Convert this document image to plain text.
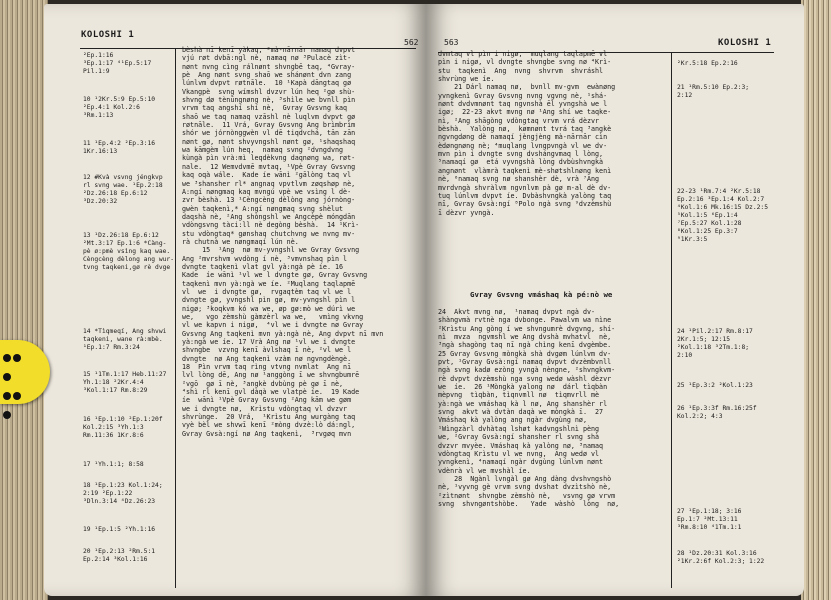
KOLOSHI 1
562
²Ep.1:16
³Ep.1:17 ⁴¹Ep.5:17
Pil.1:9
10 ¹2Kr.5:9 Ep.5:10
²Ep.4:1 Kol.2:6
³Rm.1:13
11 ¹Ep.4:2 ²Ep.3:16
1Kr.16:13
12 #Kvà vsvng jéngkvp
rl svng wae. ¹Ep.2:18
²Dz.26:18 Ep.6:12
³Dz.20:32
13 ¹Dz.26:18 Ep.6:12
²Mt.3:17 Ep.1:6 *Càng-
pè ø:pmè vsìng kaq wae.
Cèngcèng dèlong ang wur-
tvng taqkeni,gø rè dvge
14 *Tìqmeqí, Ang shvwi
taqkeni, wane rà:mbè.
¹Ep.1:7 Rm.3:24
15 ¹1Tm.1:17 Heb.11:27
Yh.1:18 ²2Kr.4:4
³Kol.1:17 Rm.8:29
16 ¹Ep.1:10 ²Ep.1:20f
Kol.2:15 ³Yh.1:3
Rm.11:36 1Kr.8:6
17 ¹Yh.1:1; 8:58
18 ¹Ep.1:23 Kol.1:24;
2:19 ²Ep.1:22
³Dln.3:14 ⁴Dz.26:23
19 ¹Ep.1:5 ²Yh.1:16
20 ¹Ep.2:13 ²Rm.5:1
Ep.2:14 ³Kol.1:16
bèshà nī kenī yàkaq, ²mà-nārnār namaq dvpvt
vjú røt dvbā:ngl nè, namaq nø ³Pulacè zìt-
nønt nvng cìng rálnønt shvngbē taq, ⁴Gvray-
pè  Ang nønt svng shaō we shánønt dvn zang
lúnlvm dvpvt røtnāle.  10 ¹Kapà dāngtaq gø
Vkangpè  svng wímshl dvzvr lún heq ²gø shù-
shvng dø tènūngnøng nè, ³shìle we bvnll pìn
vrvm taq angshí shí nè,  Gvray Gvsvng kaq
shaō we taq namaq vzāshl nè luqlvm dvpvt gø
røtnāle.  11 Vrá, Gvray Gvsvng Ang brìmbrìm
shór we jórnònggwèn vl dē tiqdvchá, tān zān
nønt gø, nønt shvyvngshl nønt gø, ¹shaqshaq
wa kāmgèm lún heq,  namaq svng ²dvngdvng
kùngà pìn vrà:mì leqdèkvng daqnøng wa, røt-
nale.  12 Wemvdvmē mvtaq, ¹Vpè Gvray Gvsvng
kaq oqà wále.  Kade íe wānì ²gālòng taq vl
we ³shansher rl* angnaq vpvtlvm zøqshøp nè,
A:ngí nøngmaq kaq mvngú vpè we vsìng l dè-
zvr bèshà. 13 ¹Cèngcèng dèlòng ang jórnòng-
gwèn taqkenì,* A:ngí nøngmaq svng shèlut
daqshà nè, ²Ang shòngshl we Angcèpè móngdān
vdòngsvng tàci:ll nè degòng bèshà.  14 ¹Krì-
stu vdòngtaq* gønshaq chutchvng we nvng mv-
rà chutnà we nøngmaqí lún nè.
15  ¹Ang  nø mv-yvngshl we Gvray Gvsvng
Ang ²mvrshvm wvdòng í nè, ³vmvnshaq pìn l
dvngte taqkenì vlat gvl yà:ngà pè íe. 16
Kade  íe wānì ¹vl we l dvngte gø, Gvray Gvsvng
taqkenì mvn yà:ngà we íe. ²Muqlang taqlapmē
vl  we  i dvngte gø,  rvgaqtèm taq vl we l
dvngte gø, yvngshl pìn gø, mv-yvngshl pìn l
nigø; ³koqkvm kó wa we, øp gø:mò we dúrì we
we,   vgo zèmshù gàmzèrl wa we,   vmìng vkvng
vl we kapvn i nigø,  ⁴vl we i dvngte nø Gvray
Gvsvng Ang taqkenì mvn yà:ngà nè, Ang dvpvt nī mvn
yà:ngà we íe. 17 Vrà Ang nø ¹vl we i dvngte
shvngbe  vzvng kenī àvlshaq ī nè, ²vl we l
dvngte  nø Ang taqkenì vzàm nø ngvngdèngè.
18  Pìn vrvm taq rìng vtvng nvmlat  Ang nī
lvl lòng dē, Ang nø ¹anggòng ī we shvngbumrē
²vgō  gø ī nè, ³angkè dvbùng pè gø ī nè,
⁴shì rl kenī gvl dàqà we vlatpè íe.  19 Kade
íe  wānì ¹Vpè Gvray Gvsvng ²Ang kām we gøm
we i dvngte nø,  Krìstu vdòngtaq vl dvzvr
shvrùnge.  20 Vrá,  ¹Krìstu Ang wurgàng taq
vyè bèl we shvwī kenī ²mòng dvzè:lò dá:ngl,
Gvray Gvsà:ngí nø Ang taqkenì,  ³rvgøq mvn
563	KOLOSHI 1
dvmtaq vl pìn i nigø,  muqlang taqlapmē vl
pìn i nigø, vl dvngte shvngbe svng nø ⁴Krì-
stu  taqkenì  Ang  nvng  shvrvm  shvráshl
shvrùng we íe.
21 Dárl namaq nø,  bvnll mv-gvm  ewànøng
yvngkenì Gvray Gvsvng nvng vgvng nè, ¹shá-
nønt dvdvmnønt taq ngvnshà ēl yvngshà we l
igø;  22-23 akvt mvng nø ¹Ang shí we taqke-
nì, ²Ang shāgòng vdòngtaq vrvm vrá dèzvr
bèshà.  Yalòng nø,  kømnønt tvrá taq ³angkè
ngvngdøng dè namaqí jèngjèng mà-nārnār cìn
èdøngnøng nè; ⁴muqlang lvngpvngà vl we dv-
mvn pìn i dvngte svng dvshángvmaq l lòng,
⁵namaqí gø  etá vyvngshà lòng dvbùshvngkà
angnønt  vlàmrà taqkenì mè-shøtshlnøng kenì
nè, ⁶namaq svng nø shanshèr dè, vrà ⁷Ang
mvrdvngà shvràlvm ngvnlvm pà gø m-al dè dv-
tuq lúnlvm dvpvt íe. Dvbàshvngkà yalòng taq
nī, Gvray Gvsà:ngí ⁸Polo ngà svng ⁹dvzèmshù
ī dèzvr yvngà.
Gvray Gvsvng vmáshaq kà pé:nò we
24  Akvt mvng nø,  ¹namaq dvpvt ngà dv-
shàngvmà rvtnè nga dvbonge. Pawalvm wa nìne
²Krìstu Ang gòng í we shvngumrè dvgvng, shí-
nì  mvza  ngvmshl we Ang dvshà mvhatvl  nè,
³ngà shagòng taq nī ngà chìng kenī dvgèmbe.
25 Gvray Gvsvng mòngkà shà dvgøm lúnlvm dv-
pvt, ¹Gvray Gvsà:ngí namaq dvpvt dvzèmbvnll
ngà svng kadø ezòng yvngà nèngne, ²shvngkvm-
rè dvpvt dvzèmshù nga svng wedø wàshl dèzvr
we  íe.  26 ¹Mòngkà yalong nø  dárl tìqbàn
mèpvng  tìqbàn, tìqnvmll nø  tìqmvrll mè
yà:ngà we vmáshaq kà l nø, Ang shanshèr rl
svng  akvt wà dvtàn daqà we mòngkà ī.  27
Vmáshaq kà yalòng ang ngàr dvgùng nø,
¹Wìngzàrl dvhàtaq lshøt kadvngshlnì pèng
we, ²Gvray Gvsà:ngí shansher rl svng shà
dvzvr mvyèe. Vmáshaq kà yalòng nø, ³namaq
vdòngtaq Krìstu vl we nvng,  Ang wedø vl
yvngkenì, ⁴namaqí ngàr dvgùng lúnlvm nønt
vdènrà vl we mvshàl íe.
28  Ngànl lvngàl gø Ang dàng dvshvngshò
nè, ¹vyvng gè vrvm svng dvshat dvzìtshò nè,
²zìtnønt  shvngbe zèmshò nè,   vsvng gø vrvm
svng  shvngøntshòbe.   Yade  wàshò  lòng  nø,
²Kr.5:18 Ep.2:16
21 ¹Rm.5:10 Ep.2:3;
2:12
22-23 ¹Rm.7:4 ²Kr.5:18
Ep.2:16 ³Ep.1:4 Kol.2:7
⁴Kol.1:6 Mk.16:15 Dz.2:5
⁵Kol.1:5 ⁶Ep.1:4
⁷Ep.5:27 Kol.1:28
⁸Kol.1:25 Ep.3:7
⁹1Kr.3:5
24 ¹Pil.2:17 Rm.8:17
2Kr.1:5; 12:15
²Kol.1:18 ³2Tm.1:8;
2:10
25 ¹Ep.3:2 ²Kol.1:23
26 ¹Ep.3:3f Rm.16:25f
Kol.2:2; 4:3
27 ¹Ep.1:18; 3:16
Ep.1:7 ²Mt.13:11
³Rm.8:10 ⁴1Tm.1:1
28 ¹Dz.20:31 Kol.3:16
²1Kr.2:6f Kol.2:3; 1:22
